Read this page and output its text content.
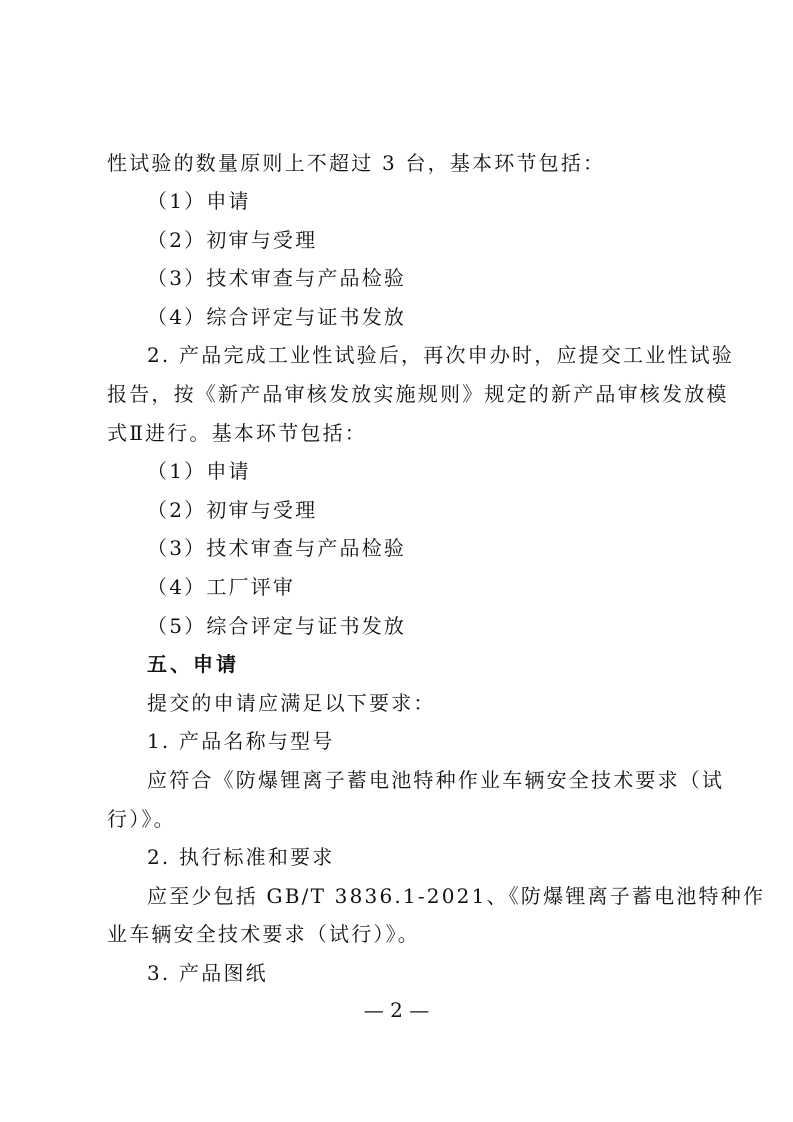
性试验的数量原则上不超过 3 台，基本环节包括：
（1）申请
（2）初审与受理
（3）技术审查与产品检验
（4）综合评定与证书发放
2. 产品完成工业性试验后，再次申办时，应提交工业性试验
报告，按《新产品审核发放实施规则》规定的新产品审核发放模
式Ⅱ进行。基本环节包括：
（1）申请
（2）初审与受理
（3）技术审查与产品检验
（4）工厂评审
（5）综合评定与证书发放
五、申请
提交的申请应满足以下要求：
1. 产品名称与型号
应符合《防爆锂离子蓄电池特种作业车辆安全技术要求（试
行）》。
2. 执行标准和要求
应至少包括 GB/T 3836.1-2021、《防爆锂离子蓄电池特种作
业车辆安全技术要求（试行）》。
3. 产品图纸
— 2 —
